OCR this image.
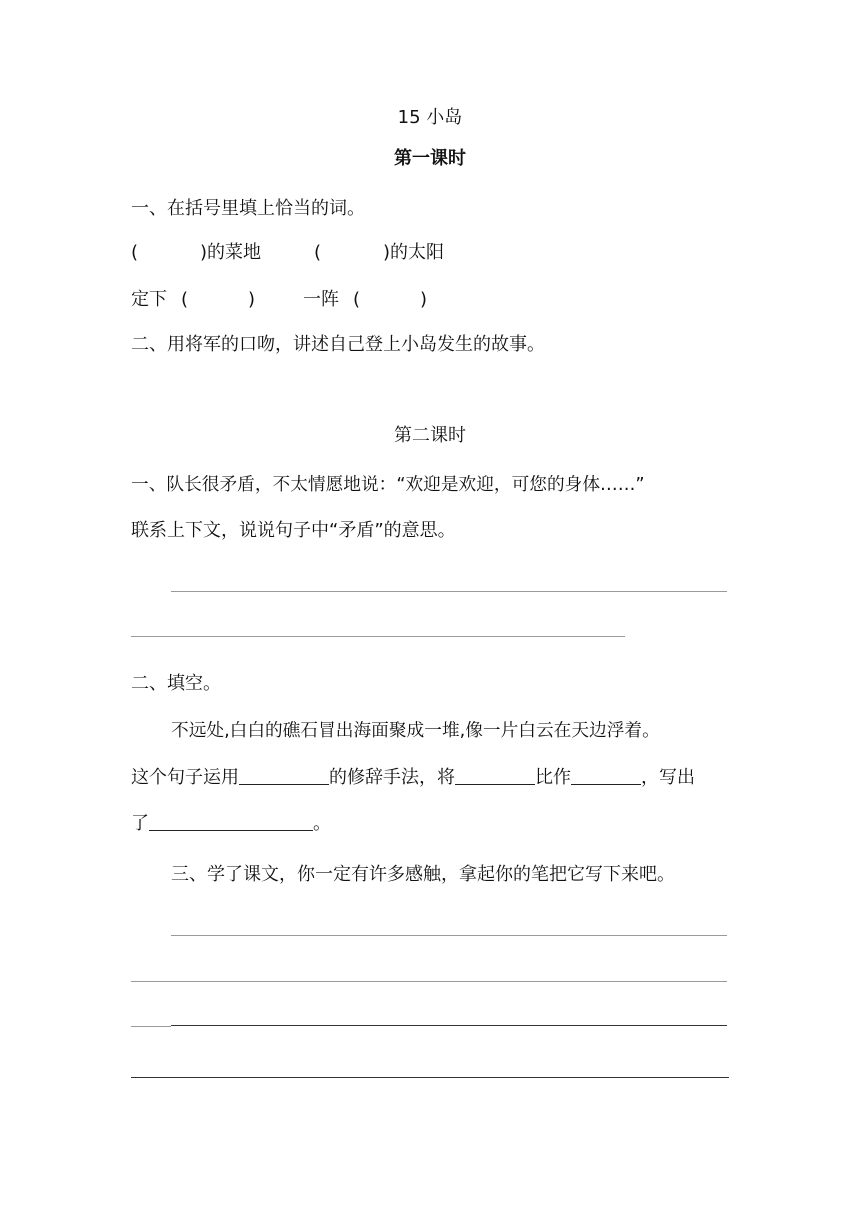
15 小岛
第一课时
一、在括号里填上恰当的词。
(	)的菜地	(	)的太阳
定下 (	)	一阵 (	)
二、用将军的口吻，讲述自己登上小岛发生的故事。
第二课时
一、队长很矛盾，不太情愿地说：“欢迎是欢迎，可您的身体……”
联系上下文，说说句子中“矛盾”的意思。
二、填空。
不远处,白白的礁石冒出海面聚成一堆,像一片白云在天边浮着。
这个句子运用	的修辞手法，将	比作	，写出
了	。
三、学了课文，你一定有许多感触，拿起你的笔把它写下来吧。
